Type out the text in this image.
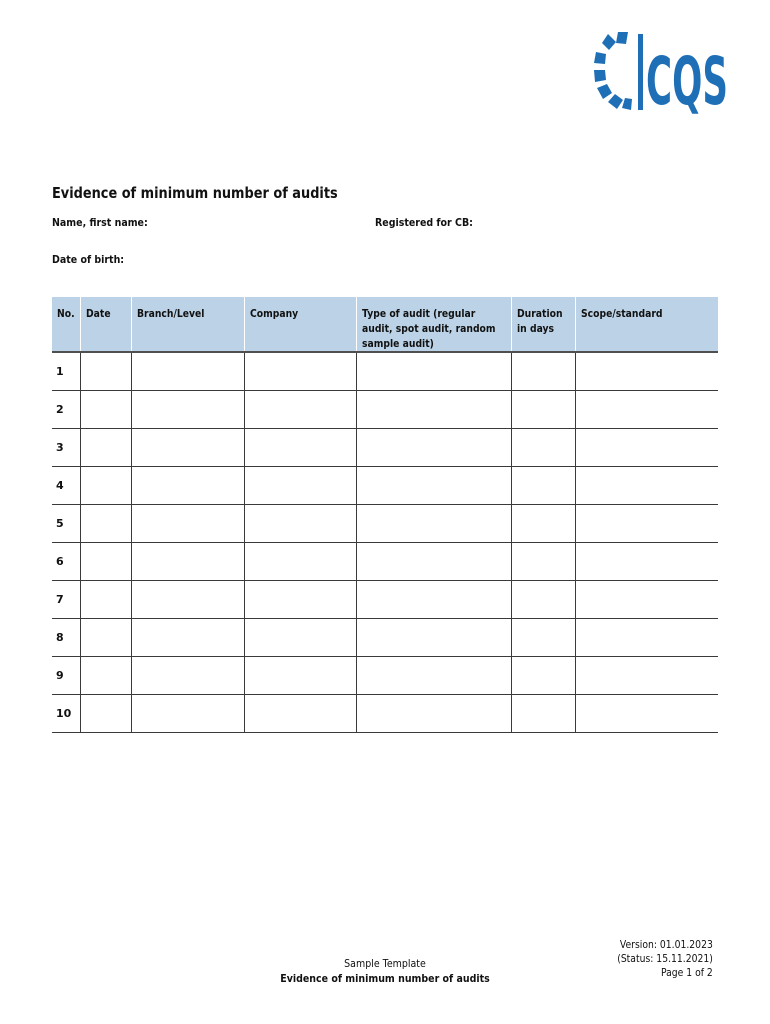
CQS
Evidence of minimum number of audits
Name, first name:	Registered for CB:
Date of birth:
No.	Date	Branch/Level	Company	Type of audit (regular audit, spot audit, random sample audit)	Duration in days	Scope/standard
1						
2						
3						
4						
5						
6						
7						
8						
9						
10						
Sample Template
Evidence of minimum number of audits
Version: 01.01.2023
(Status: 15.11.2021)
Page 1 of 2
